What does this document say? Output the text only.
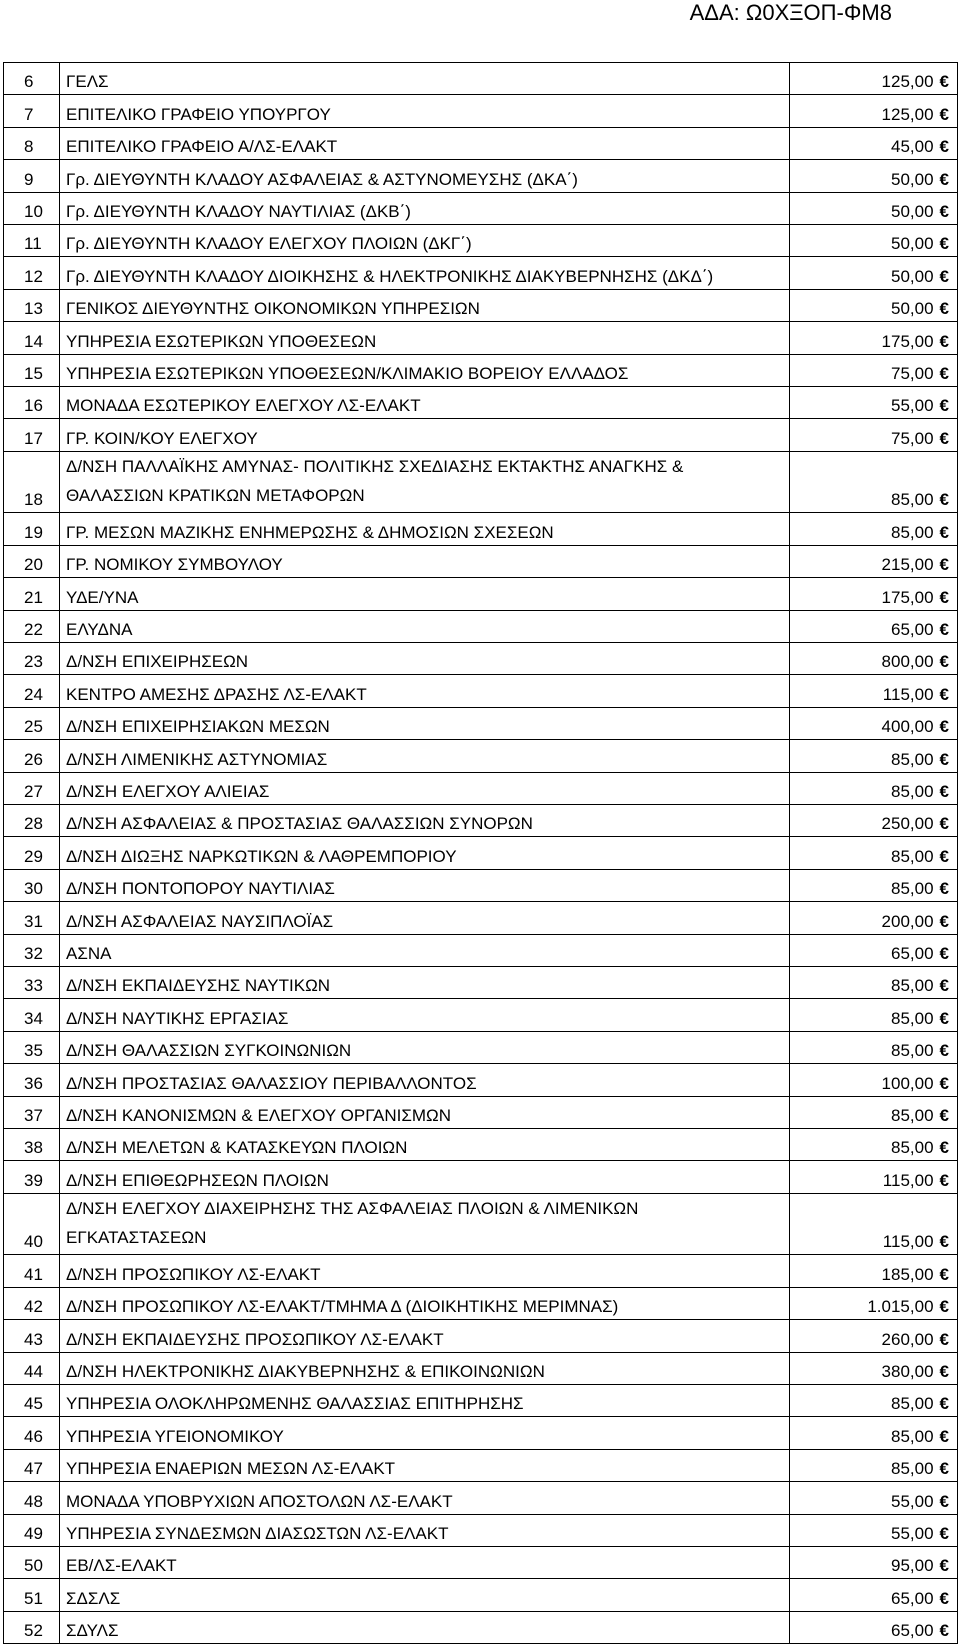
ΑΔΑ: Ω0ΧΞΟΠ-ΦΜ8
6	ΓΕΛΣ	125,00 €
7	ΕΠΙΤΕΛΙΚΟ ΓΡΑΦΕΙΟ ΥΠΟΥΡΓΟΥ	125,00 €
8	ΕΠΙΤΕΛΙΚΟ ΓΡΑΦΕΙΟ Α/ΛΣ-ΕΛΑΚΤ	45,00 €
9	Γρ. ΔΙΕΥΘΥΝΤΗ ΚΛΑΔΟΥ ΑΣΦΑΛΕΙΑΣ & ΑΣΤΥΝΟΜΕΥΣΗΣ (ΔΚΑ΄)	50,00 €
10	Γρ. ΔΙΕΥΘΥΝΤΗ ΚΛΑΔΟΥ ΝΑΥΤΙΛΙΑΣ (ΔΚΒ΄)	50,00 €
11	Γρ. ΔΙΕΥΘΥΝΤΗ ΚΛΑΔΟΥ ΕΛΕΓΧΟΥ ΠΛΟΙΩΝ (ΔΚΓ΄)	50,00 €
12	Γρ. ΔΙΕΥΘΥΝΤΗ ΚΛΑΔΟΥ ΔΙΟΙΚΗΣΗΣ & ΗΛΕΚΤΡΟΝΙΚΗΣ ΔΙΑΚΥΒΕΡΝΗΣΗΣ (ΔΚΔ΄)	50,00 €
13	ΓΕΝΙΚΟΣ ΔΙΕΥΘΥΝΤΗΣ ΟΙΚΟΝΟΜΙΚΩΝ ΥΠΗΡΕΣΙΩΝ	50,00 €
14	ΥΠΗΡΕΣΙΑ ΕΣΩΤΕΡΙΚΩΝ ΥΠΟΘΕΣΕΩΝ	175,00 €
15	ΥΠΗΡΕΣΙΑ ΕΣΩΤΕΡΙΚΩΝ ΥΠΟΘΕΣΕΩΝ/ΚΛΙΜΑΚΙΟ ΒΟΡΕΙΟΥ ΕΛΛΑΔΟΣ	75,00 €
16	ΜΟΝΑΔΑ ΕΣΩΤΕΡΙΚΟΥ ΕΛΕΓΧΟΥ ΛΣ-ΕΛΑΚΤ	55,00 €
17	ΓΡ. ΚΟΙΝ/ΚΟΥ ΕΛΕΓΧΟΥ	75,00 €
18	Δ/ΝΣΗ ΠΑΛΛΑΪΚΗΣ ΑΜΥΝΑΣ- ΠΟΛΙΤΙΚΗΣ ΣΧΕΔΙΑΣΗΣ ΕΚΤΑΚΤΗΣ ΑΝΑΓΚΗΣ & ΘΑΛΑΣΣΙΩΝ ΚΡΑΤΙΚΩΝ ΜΕΤΑΦΟΡΩΝ	85,00 €
19	ΓΡ. ΜΕΣΩΝ ΜΑΖΙΚΗΣ ΕΝΗΜΕΡΩΣΗΣ & ΔΗΜΟΣΙΩΝ ΣΧΕΣΕΩΝ	85,00 €
20	ΓΡ. ΝΟΜΙΚΟΥ ΣΥΜΒΟΥΛΟΥ	215,00 €
21	ΥΔΕ/ΥΝΑ	175,00 €
22	ΕΛΥΔΝΑ	65,00 €
23	Δ/ΝΣΗ ΕΠΙΧΕΙΡΗΣΕΩΝ	800,00 €
24	ΚΕΝΤΡΟ ΑΜΕΣΗΣ ΔΡΑΣΗΣ ΛΣ-ΕΛΑΚΤ	115,00 €
25	Δ/ΝΣΗ ΕΠΙΧΕΙΡΗΣΙΑΚΩΝ ΜΕΣΩΝ	400,00 €
26	Δ/ΝΣΗ ΛΙΜΕΝΙΚΗΣ ΑΣΤΥΝΟΜΙΑΣ	85,00 €
27	Δ/ΝΣΗ ΕΛΕΓΧΟΥ ΑΛΙΕΙΑΣ	85,00 €
28	Δ/ΝΣΗ ΑΣΦΑΛΕΙΑΣ & ΠΡΟΣΤΑΣΙΑΣ ΘΑΛΑΣΣΙΩΝ ΣΥΝΟΡΩΝ	250,00 €
29	Δ/ΝΣΗ ΔΙΩΞΗΣ ΝΑΡΚΩΤΙΚΩΝ & ΛΑΘΡΕΜΠΟΡΙΟΥ	85,00 €
30	Δ/ΝΣΗ ΠΟΝΤΟΠΟΡΟΥ ΝΑΥΤΙΛΙΑΣ	85,00 €
31	Δ/ΝΣΗ ΑΣΦΑΛΕΙΑΣ ΝΑΥΣΙΠΛΟΪΑΣ	200,00 €
32	ΑΣΝΑ	65,00 €
33	Δ/ΝΣΗ ΕΚΠΑΙΔΕΥΣΗΣ ΝΑΥΤΙΚΩΝ	85,00 €
34	Δ/ΝΣΗ ΝΑΥΤΙΚΗΣ ΕΡΓΑΣΙΑΣ	85,00 €
35	Δ/ΝΣΗ ΘΑΛΑΣΣΙΩΝ ΣΥΓΚΟΙΝΩΝΙΩΝ	85,00 €
36	Δ/ΝΣΗ ΠΡΟΣΤΑΣΙΑΣ ΘΑΛΑΣΣΙΟΥ ΠΕΡΙΒΑΛΛΟΝΤΟΣ	100,00 €
37	Δ/ΝΣΗ ΚΑΝΟΝΙΣΜΩΝ & ΕΛΕΓΧΟΥ ΟΡΓΑΝΙΣΜΩΝ	85,00 €
38	Δ/ΝΣΗ ΜΕΛΕΤΩΝ & ΚΑΤΑΣΚΕΥΩΝ ΠΛΟΙΩΝ	85,00 €
39	Δ/ΝΣΗ ΕΠΙΘΕΩΡΗΣΕΩΝ ΠΛΟΙΩΝ	115,00 €
40	Δ/ΝΣΗ ΕΛΕΓΧΟΥ ΔΙΑΧΕΙΡΗΣΗΣ ΤΗΣ ΑΣΦΑΛΕΙΑΣ ΠΛΟΙΩΝ & ΛΙΜΕΝΙΚΩΝ ΕΓΚΑΤΑΣΤΑΣΕΩΝ	115,00 €
41	Δ/ΝΣΗ ΠΡΟΣΩΠΙΚΟΥ ΛΣ-ΕΛΑΚΤ	185,00 €
42	Δ/ΝΣΗ ΠΡΟΣΩΠΙΚΟΥ ΛΣ-ΕΛΑΚΤ/ΤΜΗΜΑ Δ (ΔΙΟΙΚΗΤΙΚΗΣ ΜΕΡΙΜΝΑΣ)	1.015,00 €
43	Δ/ΝΣΗ ΕΚΠΑΙΔΕΥΣΗΣ ΠΡΟΣΩΠΙΚΟΥ ΛΣ-ΕΛΑΚΤ	260,00 €
44	Δ/ΝΣΗ ΗΛΕΚΤΡΟΝΙΚΗΣ ΔΙΑΚΥΒΕΡΝΗΣΗΣ & ΕΠΙΚΟΙΝΩΝΙΩΝ	380,00 €
45	ΥΠΗΡΕΣΙΑ ΟΛΟΚΛΗΡΩΜΕΝΗΣ ΘΑΛΑΣΣΙΑΣ ΕΠΙΤΗΡΗΣΗΣ	85,00 €
46	ΥΠΗΡΕΣΙΑ ΥΓΕΙΟΝΟΜΙΚΟΥ	85,00 €
47	ΥΠΗΡΕΣΙΑ ΕΝΑΕΡΙΩΝ ΜΕΣΩΝ ΛΣ-ΕΛΑΚΤ	85,00 €
48	ΜΟΝΑΔΑ ΥΠΟΒΡΥΧΙΩΝ ΑΠΟΣΤΟΛΩΝ ΛΣ-ΕΛΑΚΤ	55,00 €
49	ΥΠΗΡΕΣΙΑ ΣΥΝΔΕΣΜΩΝ ΔΙΑΣΩΣΤΩΝ ΛΣ-ΕΛΑΚΤ	55,00 €
50	ΕΒ/ΛΣ-ΕΛΑΚΤ	95,00 €
51	ΣΔΣΛΣ	65,00 €
52	ΣΔΥΛΣ	65,00 €
